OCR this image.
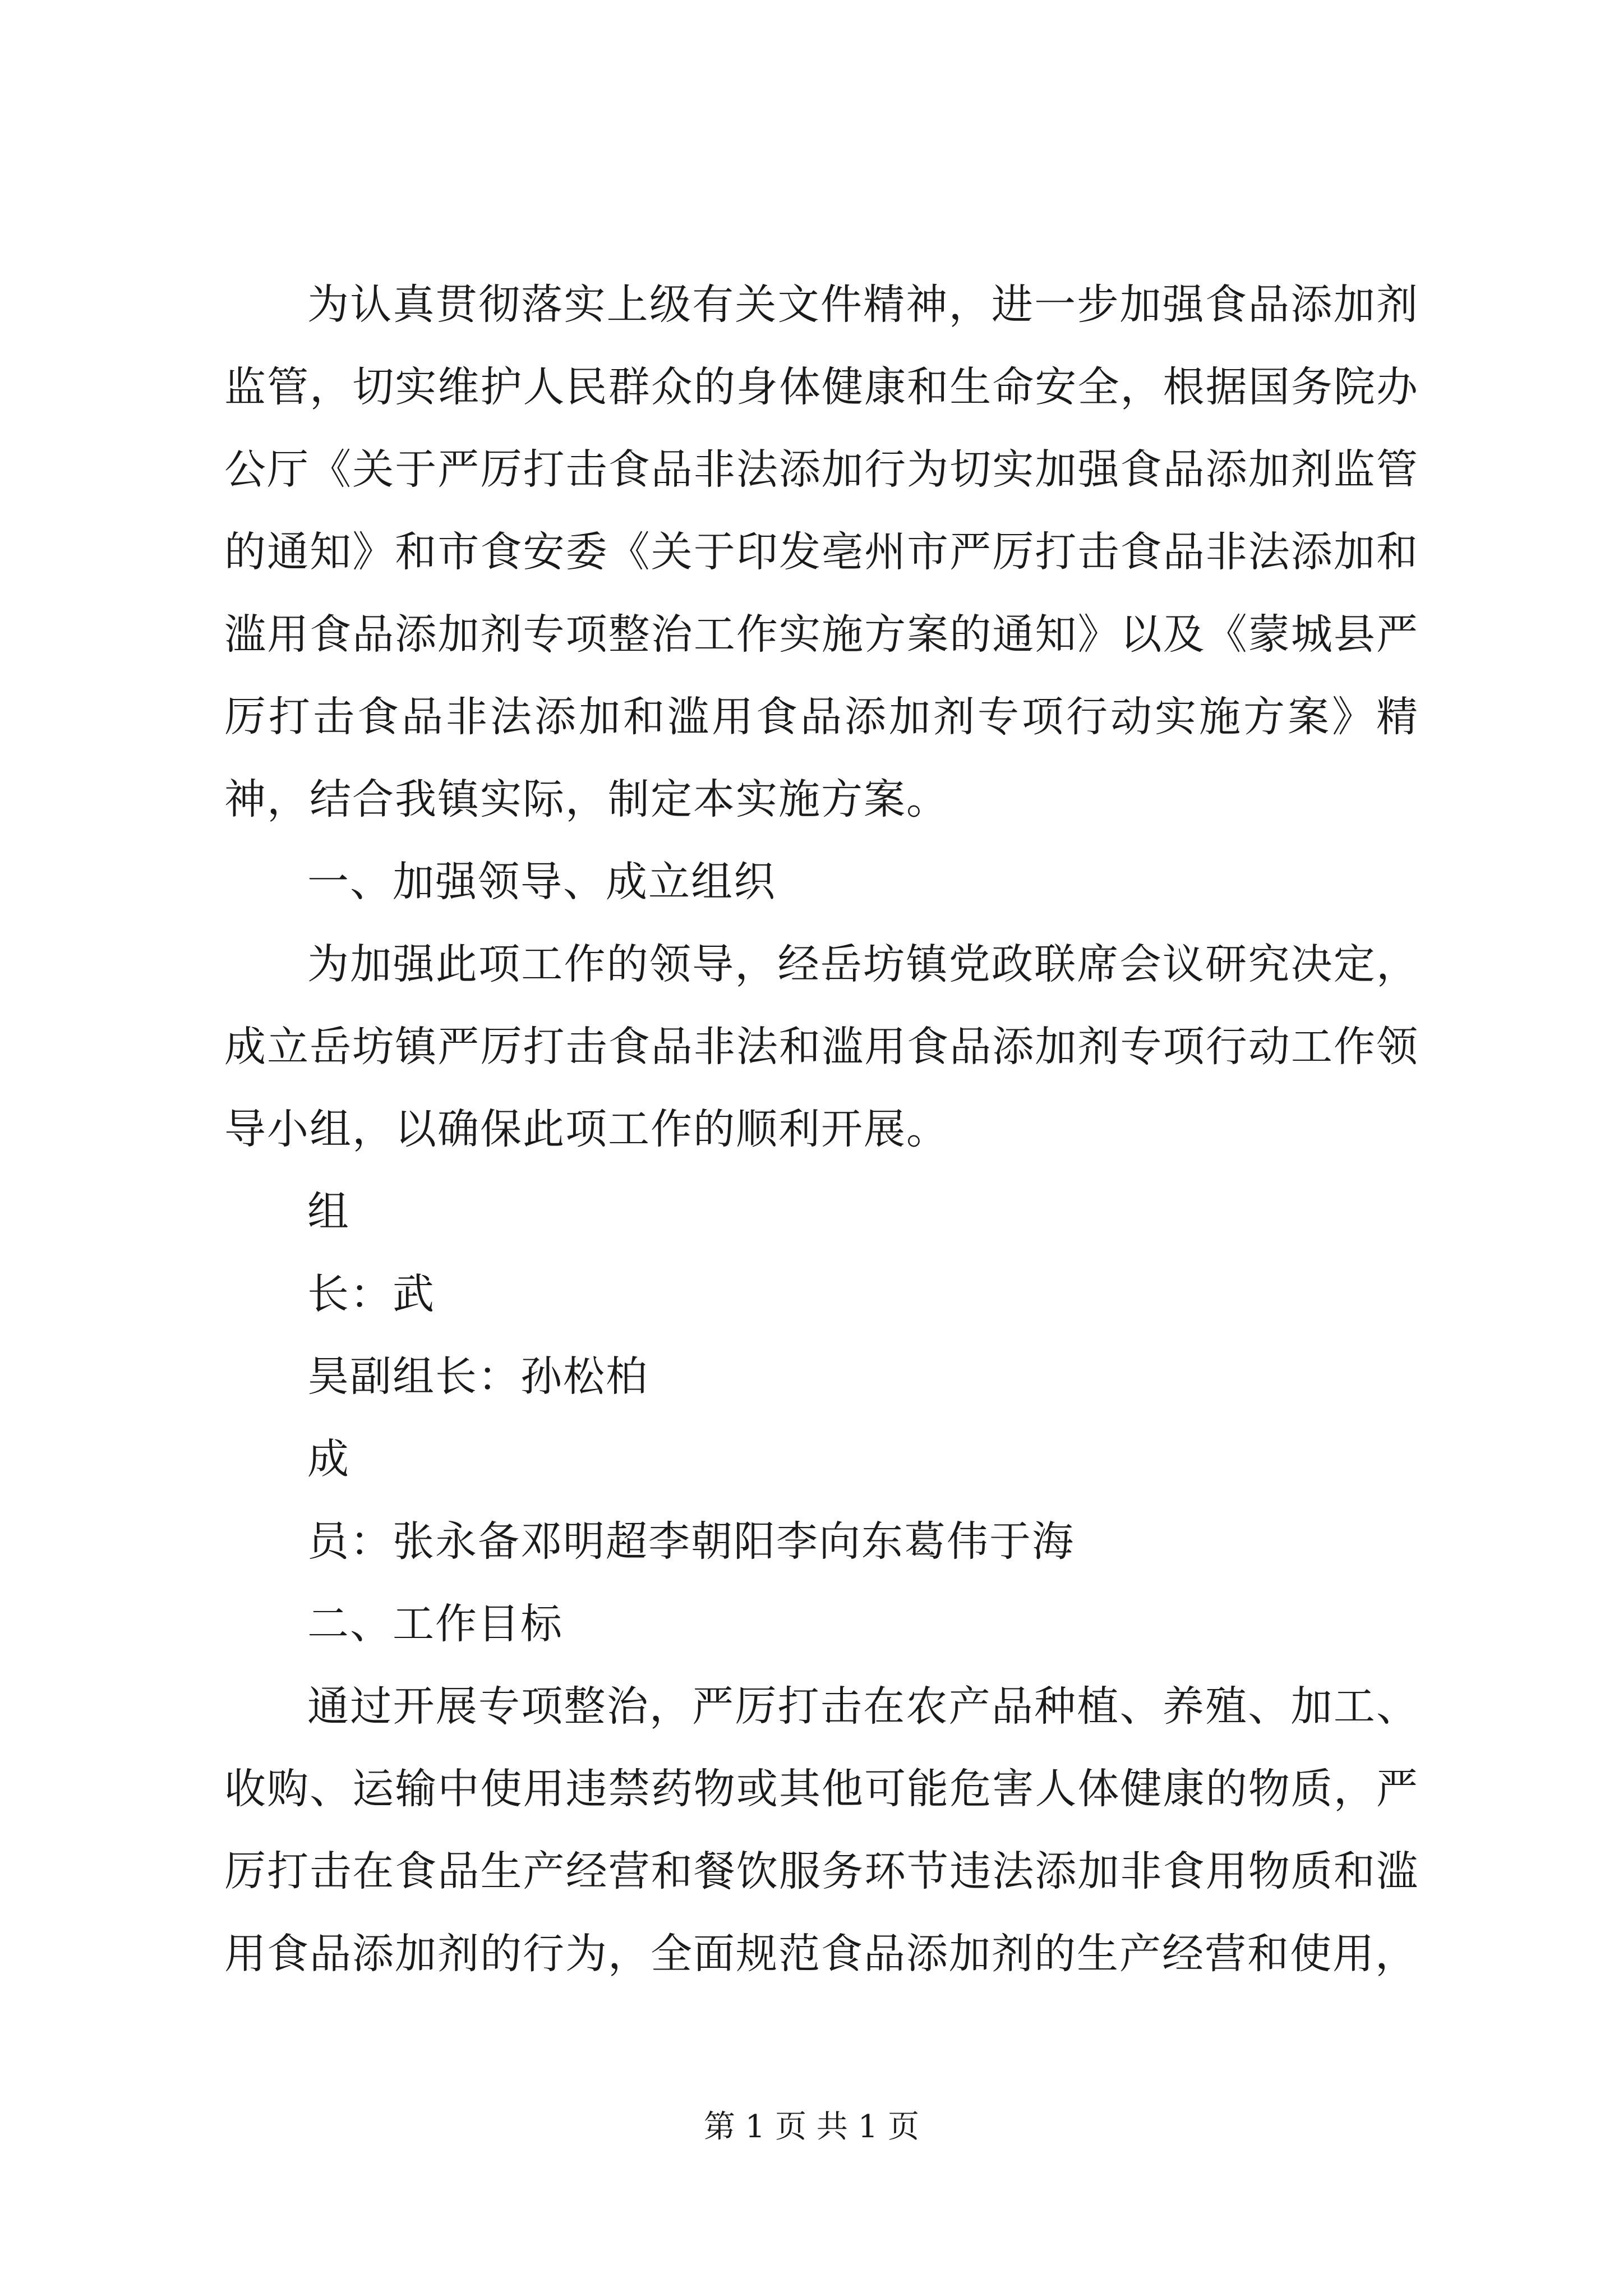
为认真贯彻落实上级有关文件精神，进一步加强食品添加剂监管，切实维护人民群众的身体健康和生命安全，根据国务院办公厅《关于严厉打击食品非法添加行为切实加强食品添加剂监管的通知》和市食安委《关于印发亳州市严厉打击食品非法添加和滥用食品添加剂专项整治工作实施方案的通知》以及《蒙城县严厉打击食品非法添加和滥用食品添加剂专项行动实施方案》精神，结合我镇实际，制定本实施方案。

一、加强领导、成立组织

为加强此项工作的领导，经岳坊镇党政联席会议研究决定，成立岳坊镇严厉打击食品非法和滥用食品添加剂专项行动工作领导小组，以确保此项工作的顺利开展。

组

长：武

昊副组长：孙松柏

成

员：张永备邓明超李朝阳李向东葛伟于海

二、工作目标

通过开展专项整治，严厉打击在农产品种植、养殖、加工、收购、运输中使用违禁药物或其他可能危害人体健康的物质，严厉打击在食品生产经营和餐饮服务环节违法添加非食用物质和滥用食品添加剂的行为，全面规范食品添加剂的生产经营和使用，

第 1 页 共 1 页
